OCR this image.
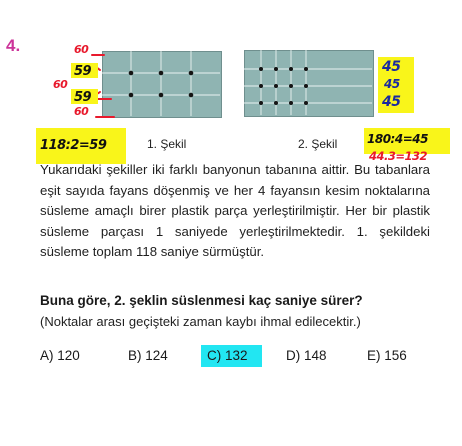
4.	60
59
60
59
60
118:2=59
45
45
45
180:4=45
44.3=132
1. Şekil	2. Şekil

Yukarıdaki şekiller iki farklı banyonun tabanına aittir. Bu tabanlara eşit sayıda fayans döşenmiş ve her 4 fayansın kesim noktalarına süsleme amaçlı birer plastik parça yerleştirilmiştir. Her bir plastik süsleme parçası 1 saniyede yerleştirilmektedir. 1. şekildeki süsleme toplam 118 saniye sürmüştür.

Buna göre, 2. şeklin süslenmesi kaç saniye sürer?
(Noktalar arası geçişteki zaman kaybı ihmal edilecektir.)
A) 120	B) 124	C) 132	D) 148	E) 156
